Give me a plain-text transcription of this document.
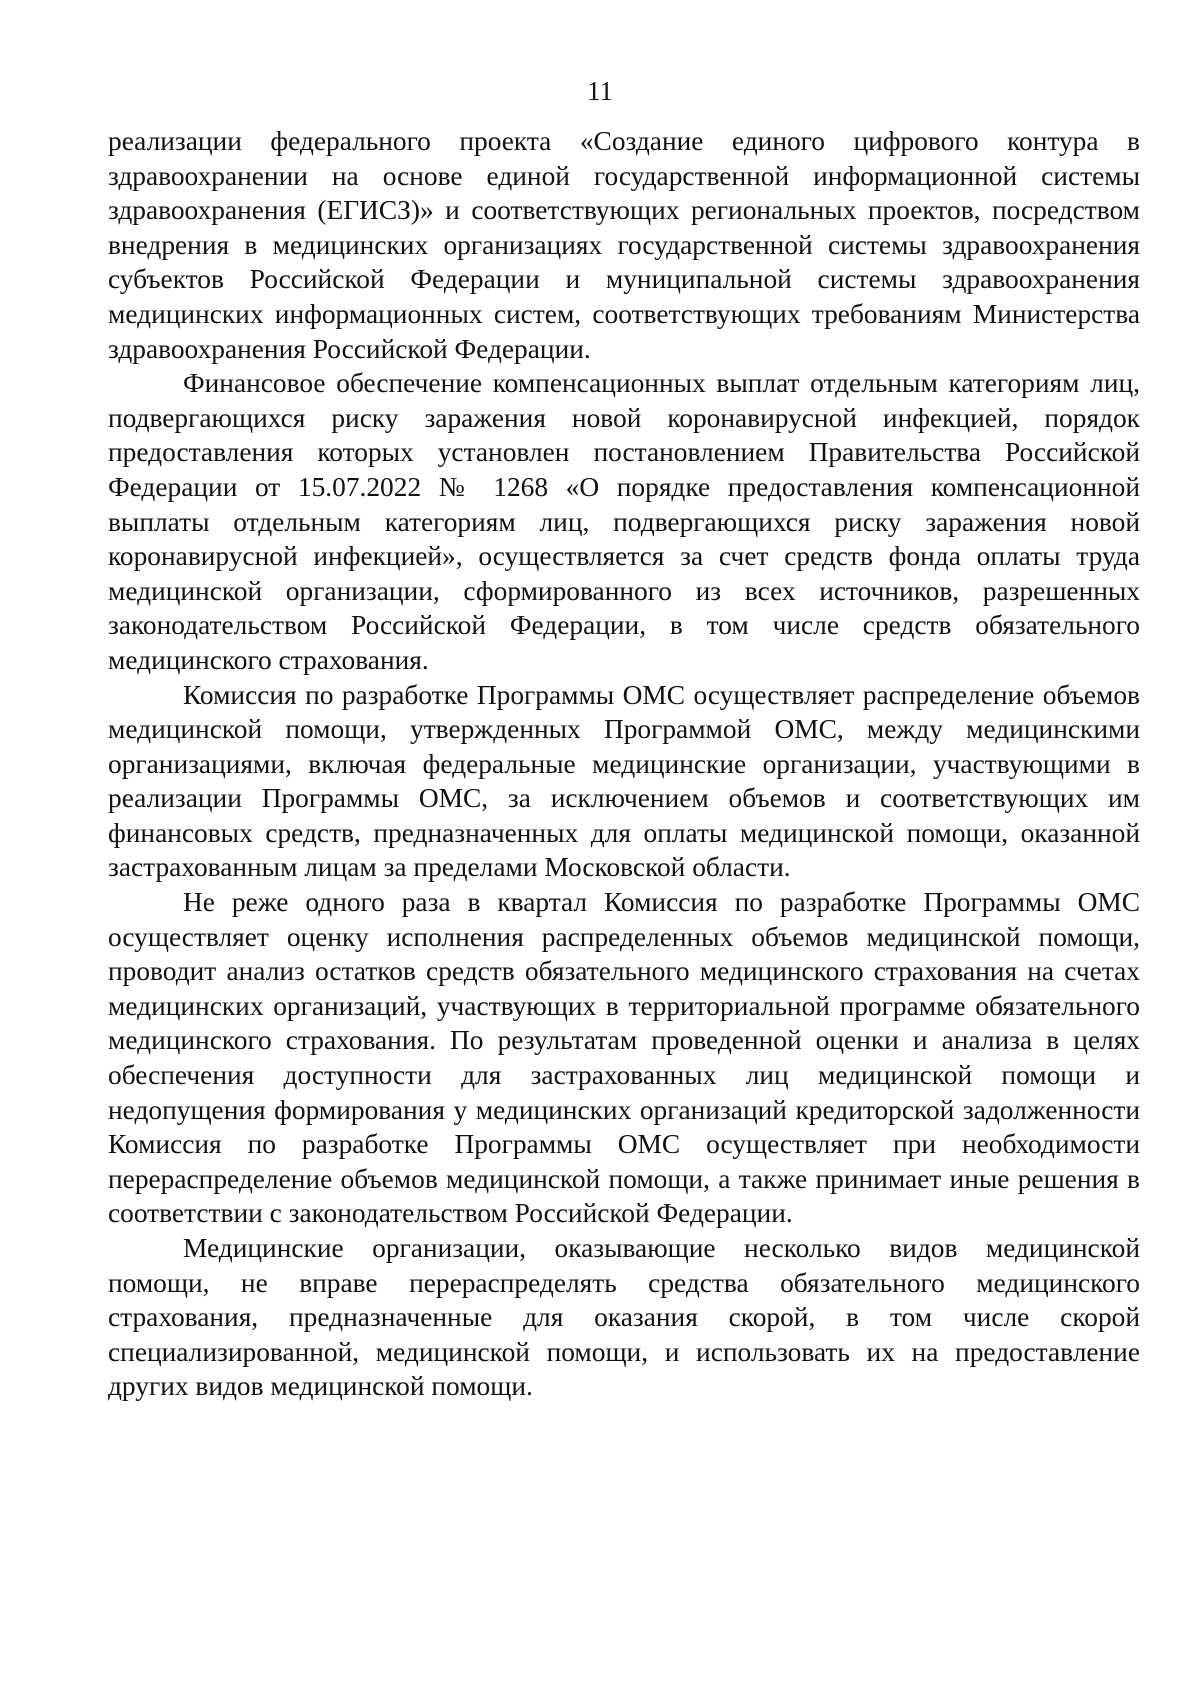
11

реализации федерального проекта «Создание единого цифрового контура в здравоохранении на основе единой государственной информационной системы здравоохранения (ЕГИСЗ)» и соответствующих региональных проектов, посредством внедрения в медицинских организациях государственной системы здравоохранения субъектов Российской Федерации и муниципальной системы здравоохранения медицинских информационных систем, соответствующих требованиям Министерства здравоохранения Российской Федерации.

Финансовое обеспечение компенсационных выплат отдельным категориям лиц, подвергающихся риску заражения новой коронавирусной инфекцией, порядок предоставления которых установлен постановлением Правительства Российской Федерации от 15.07.2022 № 1268 «О порядке предоставления компенсационной выплаты отдельным категориям лиц, подвергающихся риску заражения новой коронавирусной инфекцией», осуществляется за счет средств фонда оплаты труда медицинской организации, сформированного из всех источников, разрешенных законодательством Российской Федерации, в том числе средств обязательного медицинского страхования.

Комиссия по разработке Программы ОМС осуществляет распределение объемов медицинской помощи, утвержденных Программой ОМС, между медицинскими организациями, включая федеральные медицинские организации, участвующими в реализации Программы ОМС, за исключением объемов и соответствующих им финансовых средств, предназначенных для оплаты медицинской помощи, оказанной застрахованным лицам за пределами Московской области.

Не реже одного раза в квартал Комиссия по разработке Программы ОМС осуществляет оценку исполнения распределенных объемов медицинской помощи, проводит анализ остатков средств обязательного медицинского страхования на счетах медицинских организаций, участвующих в территориальной программе обязательного медицинского страхования. По результатам проведенной оценки и анализа в целях обеспечения доступности для застрахованных лиц медицинской помощи и недопущения формирования у медицинских организаций кредиторской задолженности Комиссия по разработке Программы ОМС осуществляет при необходимости перераспределение объемов медицинской помощи, а также принимает иные решения в соответствии с законодательством Российской Федерации.

Медицинские организации, оказывающие несколько видов медицинской помощи, не вправе перераспределять средства обязательного медицинского страхования, предназначенные для оказания скорой, в том числе скорой специализированной, медицинской помощи, и использовать их на предоставление других видов медицинской помощи.
